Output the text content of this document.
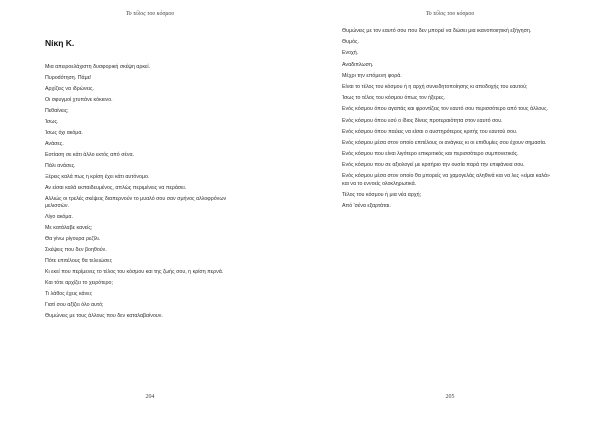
Το τέλος του κόσμου
Νίκη Κ.
Μια απειροελάχιστη δυσφορική σκέψη αρκεί.
Πυρodότηση. Πάμε!
Αρχίζεις να ιδρώνεις.
Οι σφυγμοί χτυπάνε κόκκινο.
Πεθαίνεις;
Ίσως.
Ίσως όχι ακόμα.
Ανάσες.
Εστίαση σε κάτι άλλο εκτός από σένα.
Πάλι ανάσες.
Ξέρεις καλά πως η κρίση έχει κάτι αυτόνομο.
Αν είσαι καλά εκπαιδευμένος, απλώς περιμένεις να περάσει.
Αλλιώς οι τρελές σκέψεις διαπερνούν το μυαλό σου σαν σμήνος αλλοφρόνων μελισσών.
Λίγο ακόμα.
Με κατάλαβε κανείς;
Θα γίνω ρίγουρα ρεζίλι.
Σκέψεις που δεν βοηθούν.
Πότε επιτέλους θα τελειώσει;
Κι εκεί που περίμενες το τέλος του κόσμου και της ζωής σου, η κρίση περνά.
Και τότε αρχίζει το χειρότερο;
Τι λάθος έχεις κάνει;
Γιατί σου αξίζει όλο αυτό;
Θυμώνεις με τους άλλους που δεν καταλαβαίνουν.
204
Το τέλος του κόσμου
Θυμώνεις με τον εαυτό σου που δεν μπορεί να δώσει μια ικανοποιητική εξήγηση.
Θυμός.
Ενοχή.
Αναδιπλωση.
Μέχρι την επόμενη φορά.
Είναι το τέλος του κόσμου ή η αρχή συνειδητοποίησης κι αποδοχής του εαυτού;
Ίσως το τέλος του κόσμου όπως τον ήξερες.
Ενός κόσμου όπου αγαπάς και φροντίζεις τον εαυτό σου περισσότερο από τους άλλους.
Ενός κόσμου όπου εσύ ο ίδιος δίνεις προτεραιότητα στον εαυτό σου.
Ενός κόσμου όπου παύεις να είσαι ο αυστηρότερος κριτής του εαυτού σου.
Ενός κόσμου μέσα στον οποίο επιτέλους οι ανάγκες κι οι επιθυμίες σου έχουν σημασία.
Ενός κόσμου που είναι λιγότερο επικριτικός και περισσότερο συμπονετικός.
Ενός κόσμου που σε αξιολογεί με κριτήριο την ουσία παρά την επιφάνεια σου.
Ενός κόσμου μέσα στον οποίο θα μπορείς να χαμογελάς αληθινά και να λες «είμαι καλά» και να το εννοείς ολοκληρωτικά.
Τέλος του κόσμου ή μια νέα αρχή;
Από 'σένα εξαρτάται.
205
